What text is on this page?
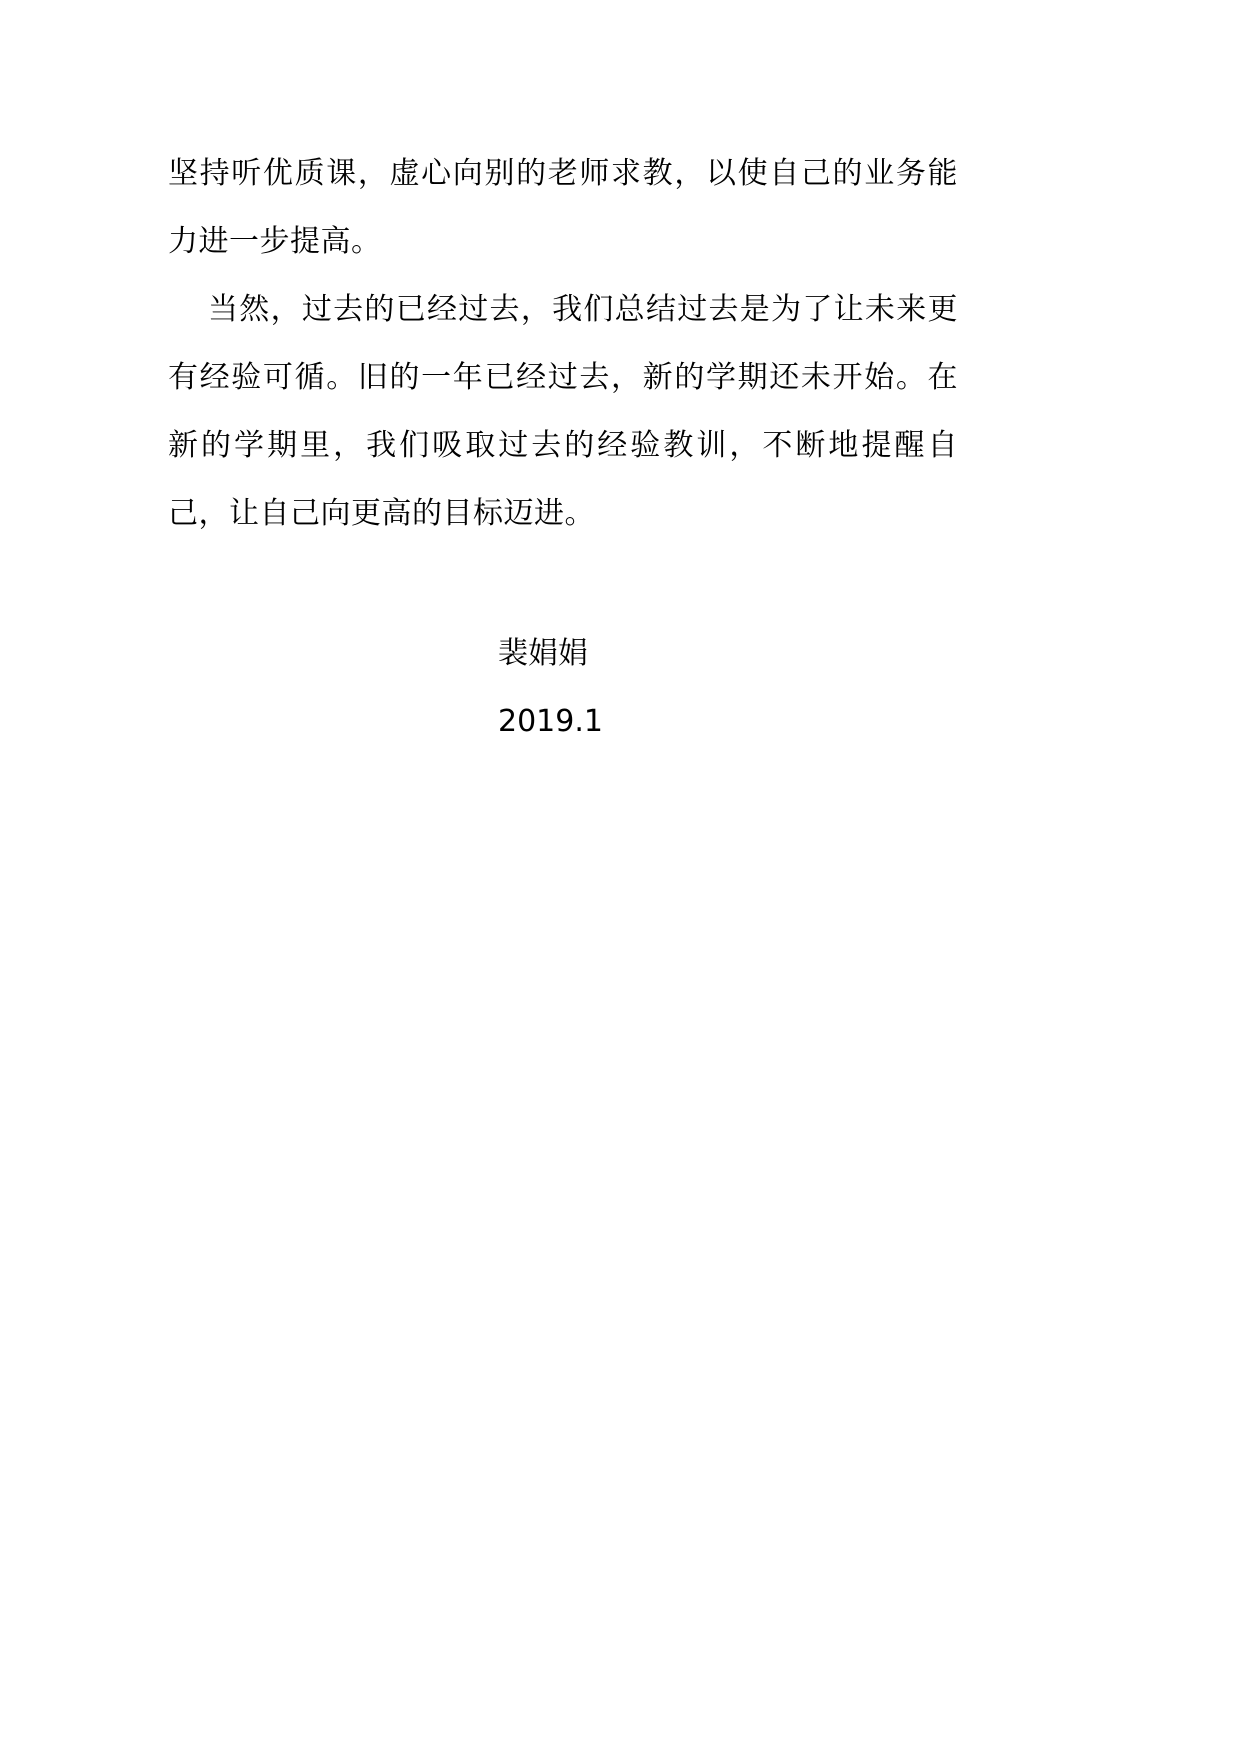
坚持听优质课，虚心向别的老师求教，以使自己的业务能力进一步提高。

当然，过去的已经过去，我们总结过去是为了让未来更有经验可循。旧的一年已经过去，新的学期还未开始。在新的学期里，我们吸取过去的经验教训，不断地提醒自己，让自己向更高的目标迈进。

裴娟娟

2019.1
